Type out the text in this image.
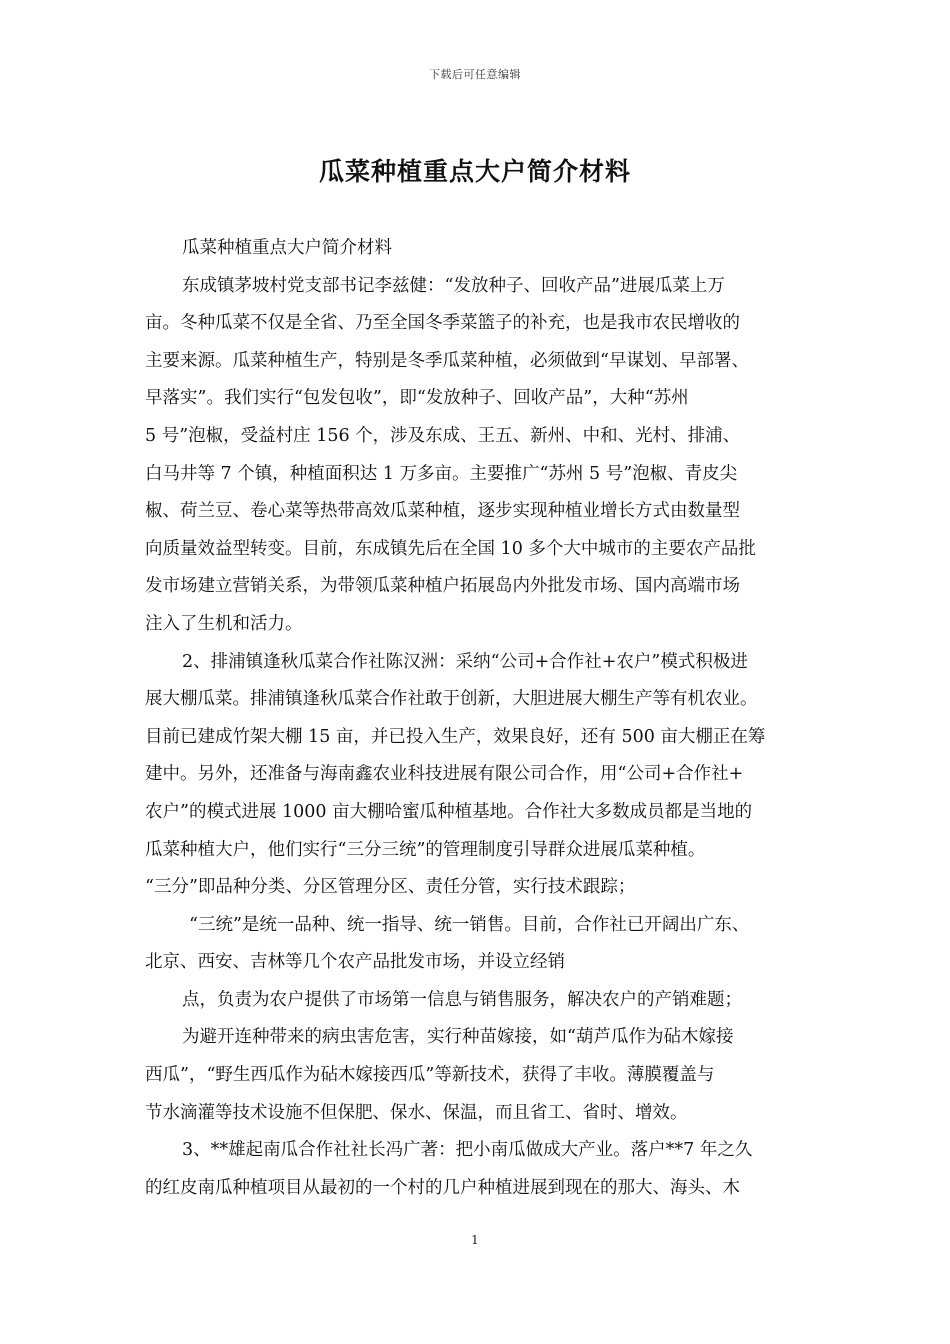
下载后可任意编辑
瓜菜种植重点大户简介材料
瓜菜种植重点大户简介材料
东成镇茅坡村党支部书记李兹健：“发放种子、回收产品”进展瓜菜上万
亩。冬种瓜菜不仅是全省、乃至全国冬季菜篮子的补充，也是我市农民增收的
主要来源。瓜菜种植生产，特别是冬季瓜菜种植，必须做到“早谋划、早部署、
早落实”。我们实行“包发包收”，即“发放种子、回收产品”，大种“苏州
5 号”泡椒，受益村庄 156 个，涉及东成、王五、新州、中和、光村、排浦、
白马井等 7 个镇，种植面积达 1 万多亩。主要推广“苏州 5 号”泡椒、青皮尖
椒、荷兰豆、卷心菜等热带高效瓜菜种植，逐步实现种植业增长方式由数量型
向质量效益型转变。目前，东成镇先后在全国 10 多个大中城市的主要农产品批
发市场建立营销关系，为带领瓜菜种植户拓展岛内外批发市场、国内高端市场
注入了生机和活力。
2、排浦镇逢秋瓜菜合作社陈汉洲：采纳“公司+合作社+农户”模式积极进
展大棚瓜菜。排浦镇逢秋瓜菜合作社敢于创新，大胆进展大棚生产等有机农业。
目前已建成竹架大棚 15 亩，并已投入生产，效果良好，还有 500 亩大棚正在筹
建中。另外，还准备与海南鑫农业科技进展有限公司合作，用“公司+合作社+
农户”的模式进展 1000 亩大棚哈蜜瓜种植基地。合作社大多数成员都是当地的
瓜菜种植大户，他们实行“三分三统”的管理制度引导群众进展瓜菜种植。
“三分”即品种分类、分区管理分区、责任分管，实行技术跟踪；
“三统”是统一品种、统一指导、统一销售。目前，合作社已开阔出广东、
北京、西安、吉林等几个农产品批发市场，并设立经销
点，负责为农户提供了市场第一信息与销售服务，解决农户的产销难题；
为避开连种带来的病虫害危害，实行种苗嫁接，如“葫芦瓜作为砧木嫁接
西瓜”，“野生西瓜作为砧木嫁接西瓜”等新技术，获得了丰收。薄膜覆盖与
节水滴灌等技术设施不但保肥、保水、保温，而且省工、省时、增效。
3、**雄起南瓜合作社社长冯广著：把小南瓜做成大产业。落户**7 年之久
的红皮南瓜种植项目从最初的一个村的几户种植进展到现在的那大、海头、木
1
